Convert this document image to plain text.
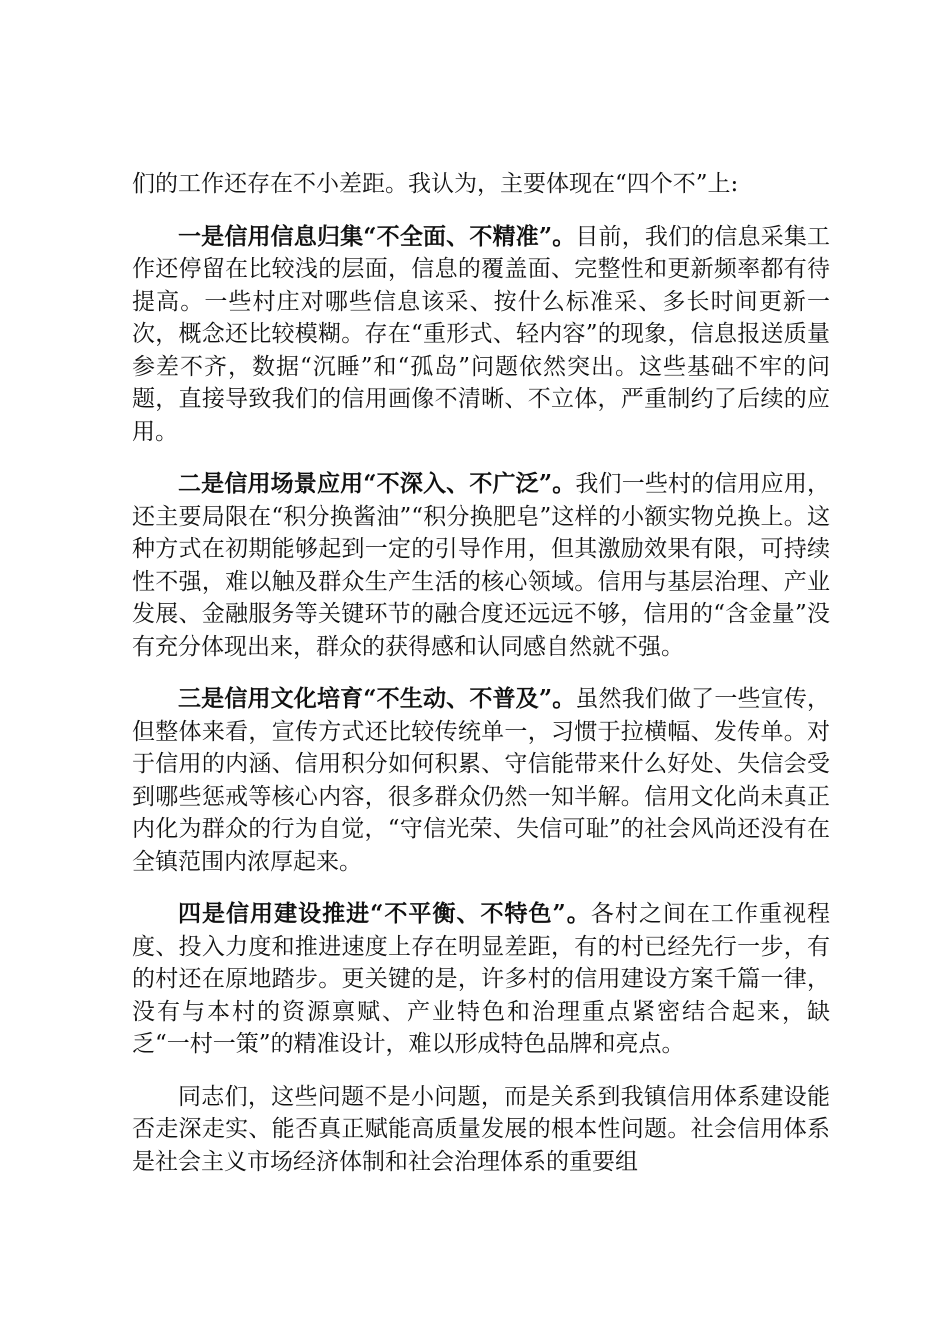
们的工作还存在不小差距。我认为，主要体现在“四个不”上:

一是信用信息归集“不全面、不精准”。目前，我们的信息采集工作还停留在比较浅的层面，信息的覆盖面、完整性和更新频率都有待提高。一些村庄对哪些信息该采、按什么标准采、多长时间更新一次，概念还比较模糊。存在“重形式、轻内容”的现象，信息报送质量参差不齐，数据“沉睡”和“孤岛”问题依然突出。这些基础不牢的问题，直接导致我们的信用画像不清晰、不立体，严重制约了后续的应用。

二是信用场景应用“不深入、不广泛”。我们一些村的信用应用，还主要局限在“积分换酱油”“积分换肥皂”这样的小额实物兑换上。这种方式在初期能够起到一定的引导作用，但其激励效果有限，可持续性不强，难以触及群众生产生活的核心领域。信用与基层治理、产业发展、金融服务等关键环节的融合度还远远不够，信用的“含金量”没有充分体现出来，群众的获得感和认同感自然就不强。

三是信用文化培育“不生动、不普及”。虽然我们做了一些宣传，但整体来看，宣传方式还比较传统单一，习惯于拉横幅、发传单。对于信用的内涵、信用积分如何积累、守信能带来什么好处、失信会受到哪些惩戒等核心内容，很多群众仍然一知半解。信用文化尚未真正内化为群众的行为自觉，“守信光荣、失信可耻”的社会风尚还没有在全镇范围内浓厚起来。

四是信用建设推进“不平衡、不特色”。各村之间在工作重视程度、投入力度和推进速度上存在明显差距，有的村已经先行一步，有的村还在原地踏步。更关键的是，许多村的信用建设方案千篇一律，没有与本村的资源禀赋、产业特色和治理重点紧密结合起来，缺乏“一村一策”的精准设计，难以形成特色品牌和亮点。

同志们，这些问题不是小问题，而是关系到我镇信用体系建设能否走深走实、能否真正赋能高质量发展的根本性问题。社会信用体系是社会主义市场经济体制和社会治理体系的重要组
